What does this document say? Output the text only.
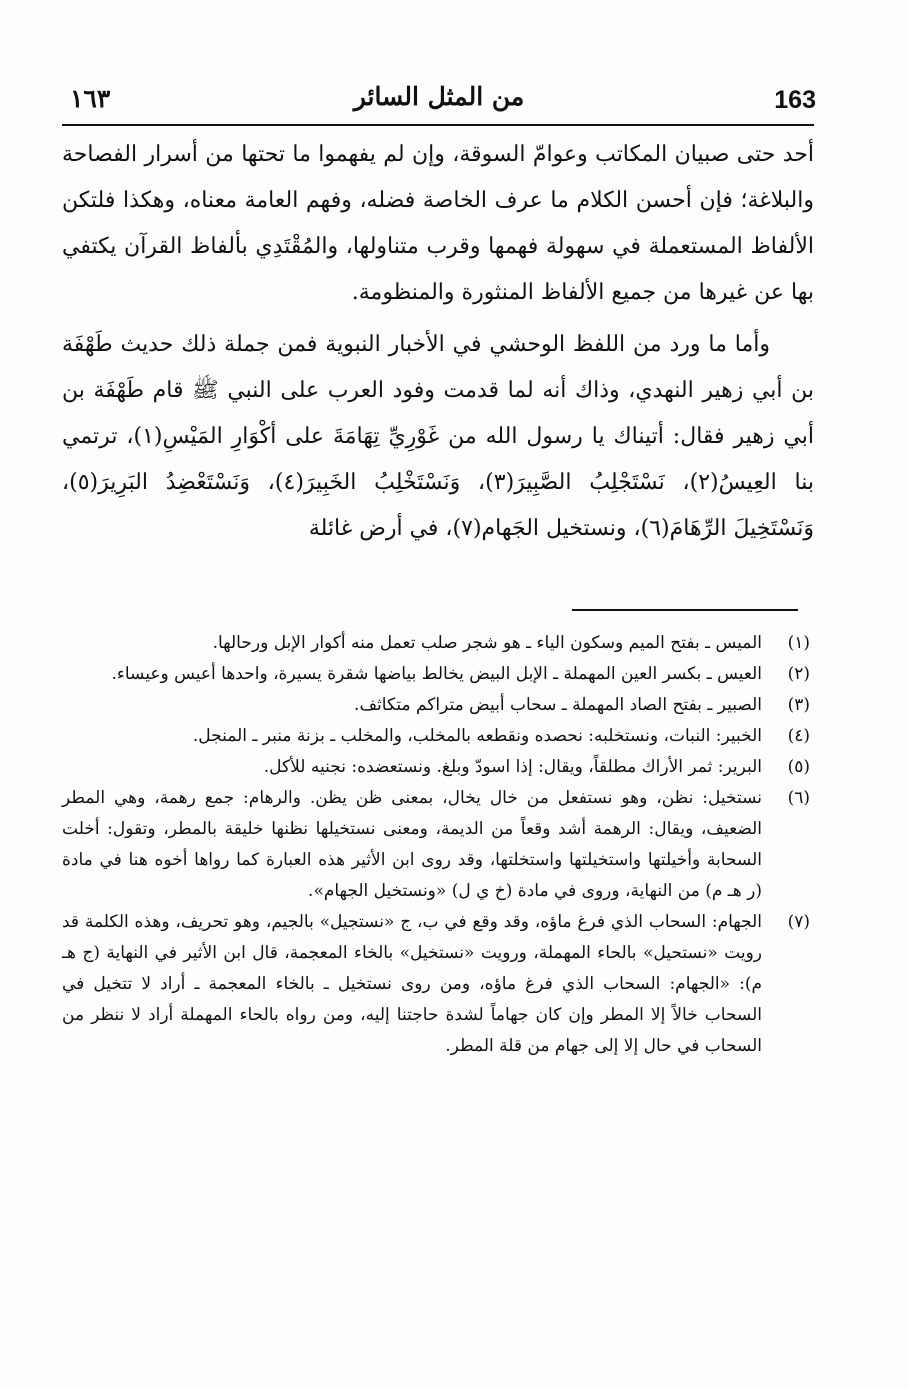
163
من المثل السائر
١٦٣

أحد حتى صبيان المكاتب وعوامّ السوقة، وإن لم يفهموا ما تحتها من أسرار الفصاحة والبلاغة؛ فإن أحسن الكلام ما عرف الخاصة فضله، وفهم العامة معناه، وهكذا فلتكن الألفاظ المستعملة في سهولة فهمها وقرب متناولها، والمُقْتَدِي بألفاظ القرآن يكتفي بها عن غيرها من جميع الألفاظ المنثورة والمنظومة.

وأما ما ورد من اللفظ الوحشي في الأخبار النبوية فمن جملة ذلك حديث طَهْفَة بن أبي زهير النهدي، وذاك أنه لما قدمت وفود العرب على النبي ﷺ قام طَهْفَة بن أبي زهير فقال: أتيناك يا رسول الله من غَوْرِيِّ تِهَامَةَ على أكْوَارِ المَيْسِ(١)، ترتمي بنا العِيسُ(٢)، نَسْتَجْلِبُ الصَّبِيرَ(٣)، وَنَسْتَخْلِبُ الخَبِيرَ(٤)، وَنَسْتَعْضِدُ البَرِيرَ(٥)، وَنَسْتَخِيلَ الرِّهَامَ(٦)، ونستخيل الجَهام(٧)، في أرض غائلة

(١)
الميس ـ بفتح الميم وسكون الياء ـ هو شجر صلب تعمل منه أكوار الإبل ورحالها.
(٢)
العيس ـ بكسر العين المهملة ـ الإبل البيض يخالط بياضها شقرة يسيرة، واحدها أعيس وعيساء.
(٣)
الصبير ـ بفتح الصاد المهملة ـ سحاب أبيض متراكم متكاثف.
(٤)
الخبير: النبات، ونستخلبه: نحصده ونقطعه بالمخلب، والمخلب ـ بزنة منبر ـ المنجل.
(٥)
البرير: ثمر الأراك مطلقاً، ويقال: إذا اسودّ وبلغ. ونستعضده: نجنيه للأكل.
(٦)
نستخيل: نظن، وهو نستفعل من خال يخال، بمعنى ظن يظن. والرهام: جمع رهمة، وهي المطر الضعيف، ويقال: الرهمة أشد وقعاً من الديمة، ومعنى نستخيلها نظنها خليقة بالمطر، وتقول: أخلت السحابة وأخيلتها واستخيلتها واستخلتها، وقد روى ابن الأثير هذه العبارة كما رواها أخوه هنا في مادة (ر هـ م) من النهاية، وروى في مادة (خ ي ل) «ونستخيل الجهام».
(٧)
الجهام: السحاب الذي فرغ ماؤه، وقد وقع في ب، ج «نستجيل» بالجيم، وهو تحريف، وهذه الكلمة قد رويت «نستحيل» بالحاء المهملة، ورويت «نستخيل» بالخاء المعجمة، قال ابن الأثير في النهاية (ج هـ م): «الجهام: السحاب الذي فرغ ماؤه، ومن روى نستخيل ـ بالخاء المعجمة ـ أراد لا تتخيل في السحاب خالاً إلا المطر وإن كان جهاماً لشدة حاجتنا إليه، ومن رواه بالحاء المهملة أراد لا ننظر من السحاب في حال إلا إلى جهام من قلة المطر.
